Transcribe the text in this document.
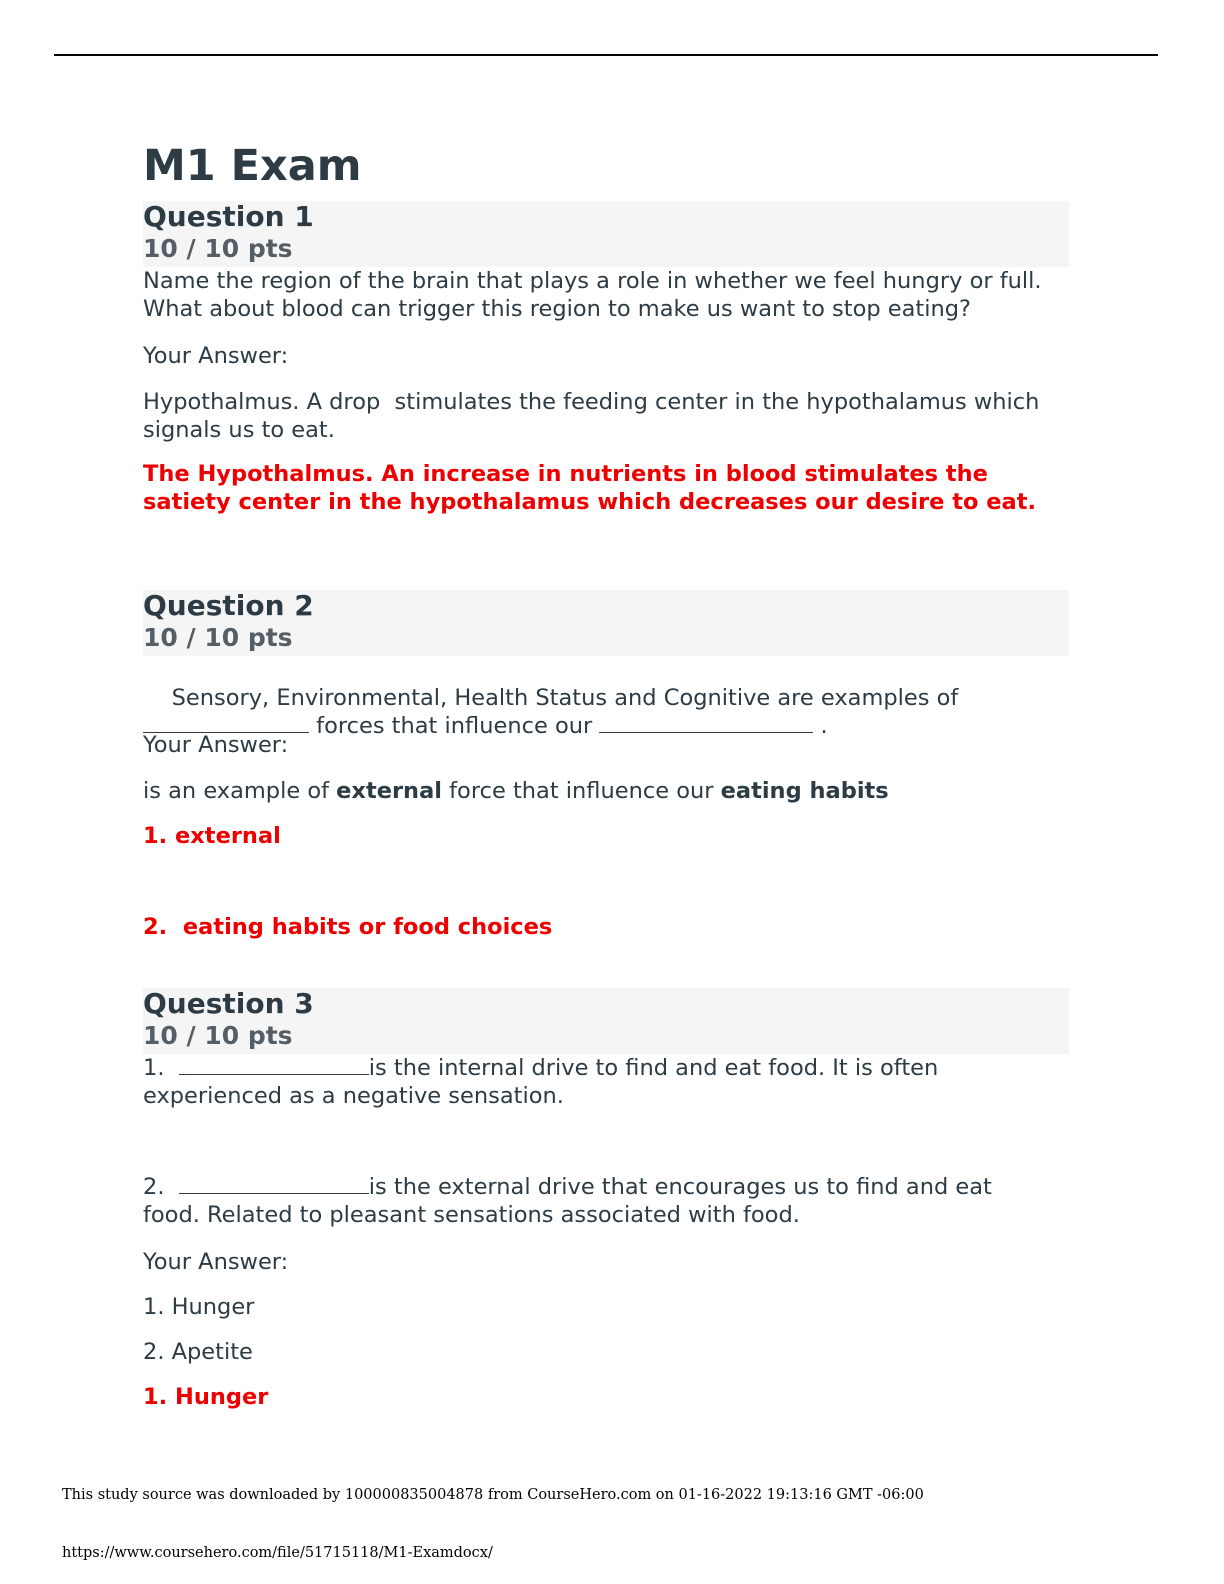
M1 Exam

Question 1

10 / 10 pts

Name the region of the brain that plays a role in whether we feel hungry or full. What about blood can trigger this region to make us want to stop eating?

Your Answer:

Hypothalmus. A drop  stimulates the feeding center in the hypothalamus which signals us to eat.

The Hypothalmus. An increase in nutrients in blood stimulates the satiety center in the hypothalamus which decreases our desire to eat.

Question 2

10 / 10 pts

Sensory, Environmental, Health Status and Cognitive are examples of
forces that influence our	.

Your Answer:

is an example of external force that influence our eating habits

1. external

2.  eating habits or food choices

Question 3

10 / 10 pts

1.	is the internal drive to find and eat food. It is often
experienced as a negative sensation.

2.	is the external drive that encourages us to find and eat
food. Related to pleasant sensations associated with food.

Your Answer:

1. Hunger

2. Apetite

1. Hunger

This study source was downloaded by 100000835004878 from CourseHero.com on 01-16-2022 19:13:16 GMT -06:00
https://www.coursehero.com/file/51715118/M1-Examdocx/
